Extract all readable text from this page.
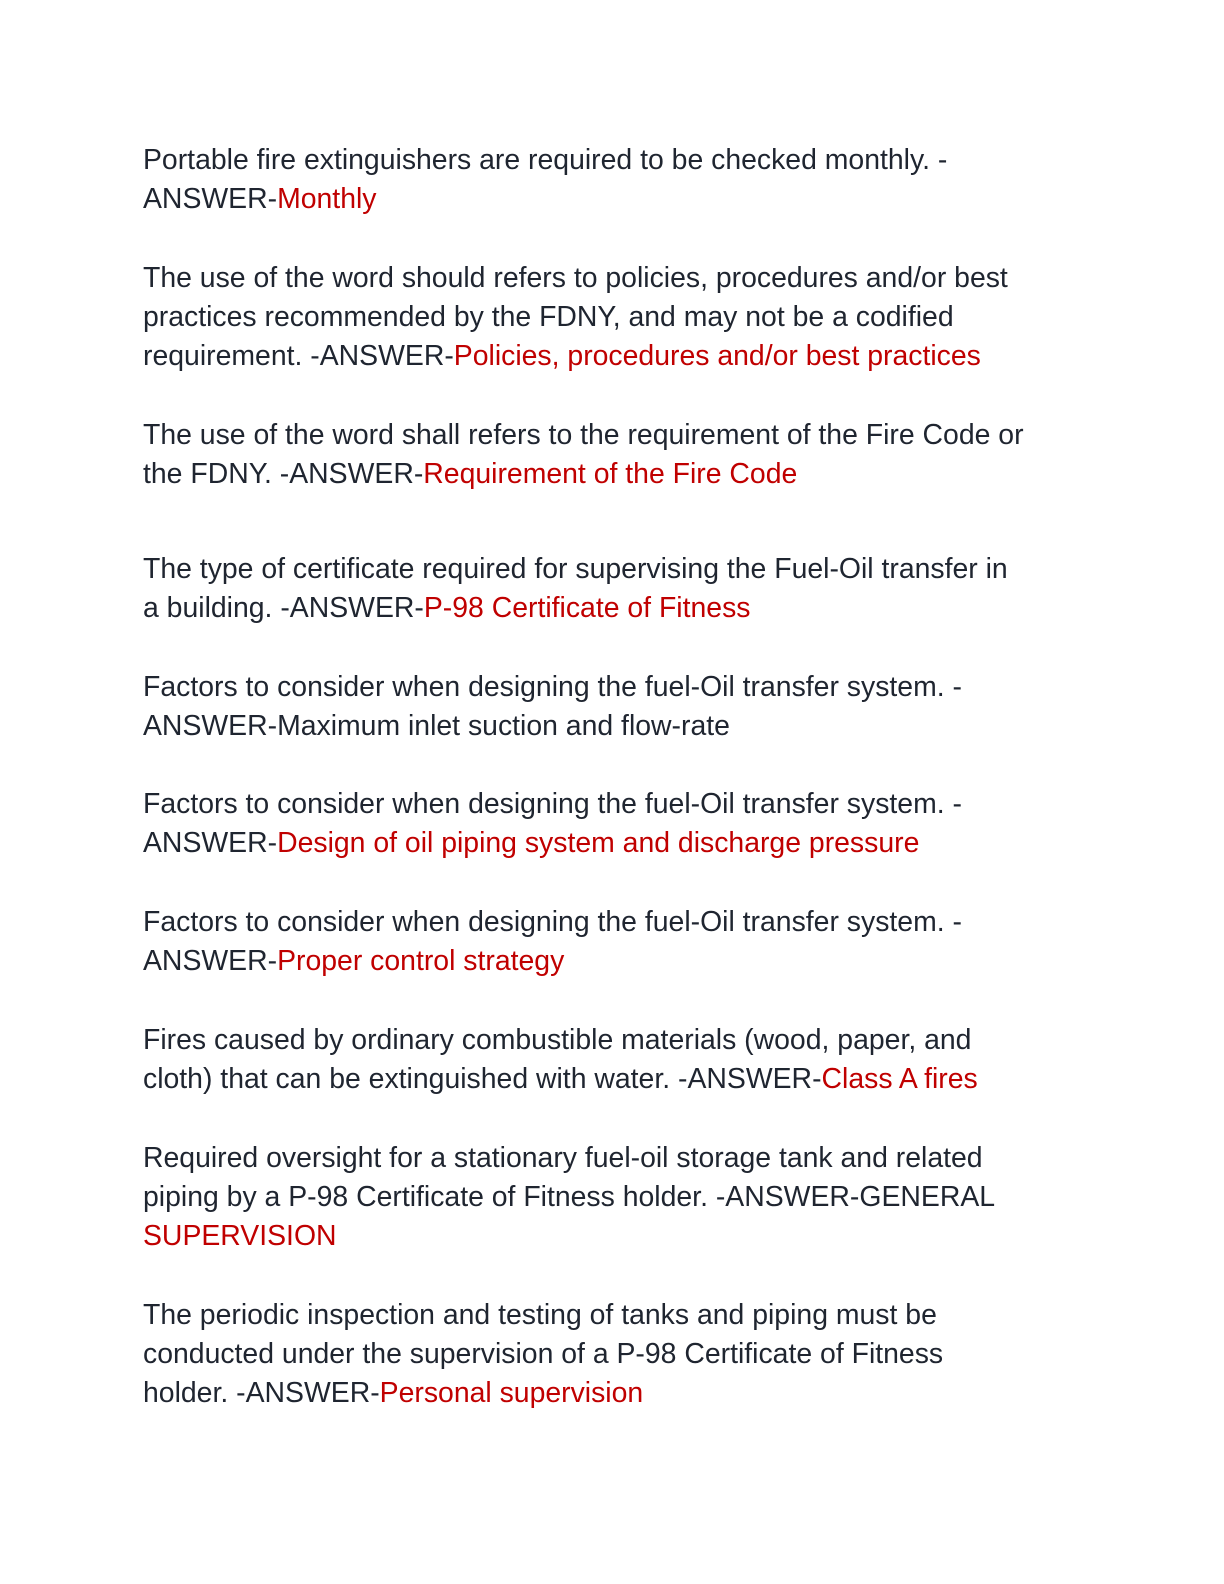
Portable fire extinguishers are required to be checked monthly. -
ANSWER-Monthly
The use of the word should refers to policies, procedures and/or best
practices recommended by the FDNY, and may not be a codified
requirement. -ANSWER-Policies, procedures and/or best practices
The use of the word shall refers to the requirement of the Fire Code or
the FDNY. -ANSWER-Requirement of the Fire Code
The type of certificate required for supervising the Fuel-Oil transfer in
a building. -ANSWER-P-98 Certificate of Fitness
Factors to consider when designing the fuel-Oil transfer system. -
ANSWER-Maximum inlet suction and flow-rate
Factors to consider when designing the fuel-Oil transfer system. -
ANSWER-Design of oil piping system and discharge pressure
Factors to consider when designing the fuel-Oil transfer system. -
ANSWER-Proper control strategy
Fires caused by ordinary combustible materials (wood, paper, and
cloth) that can be extinguished with water. -ANSWER-Class A fires
Required oversight for a stationary fuel-oil storage tank and related
piping by a P-98 Certificate of Fitness holder. -ANSWER-GENERAL
SUPERVISION
The periodic inspection and testing of tanks and piping must be
conducted under the supervision of a P-98 Certificate of Fitness
holder. -ANSWER-Personal supervision
